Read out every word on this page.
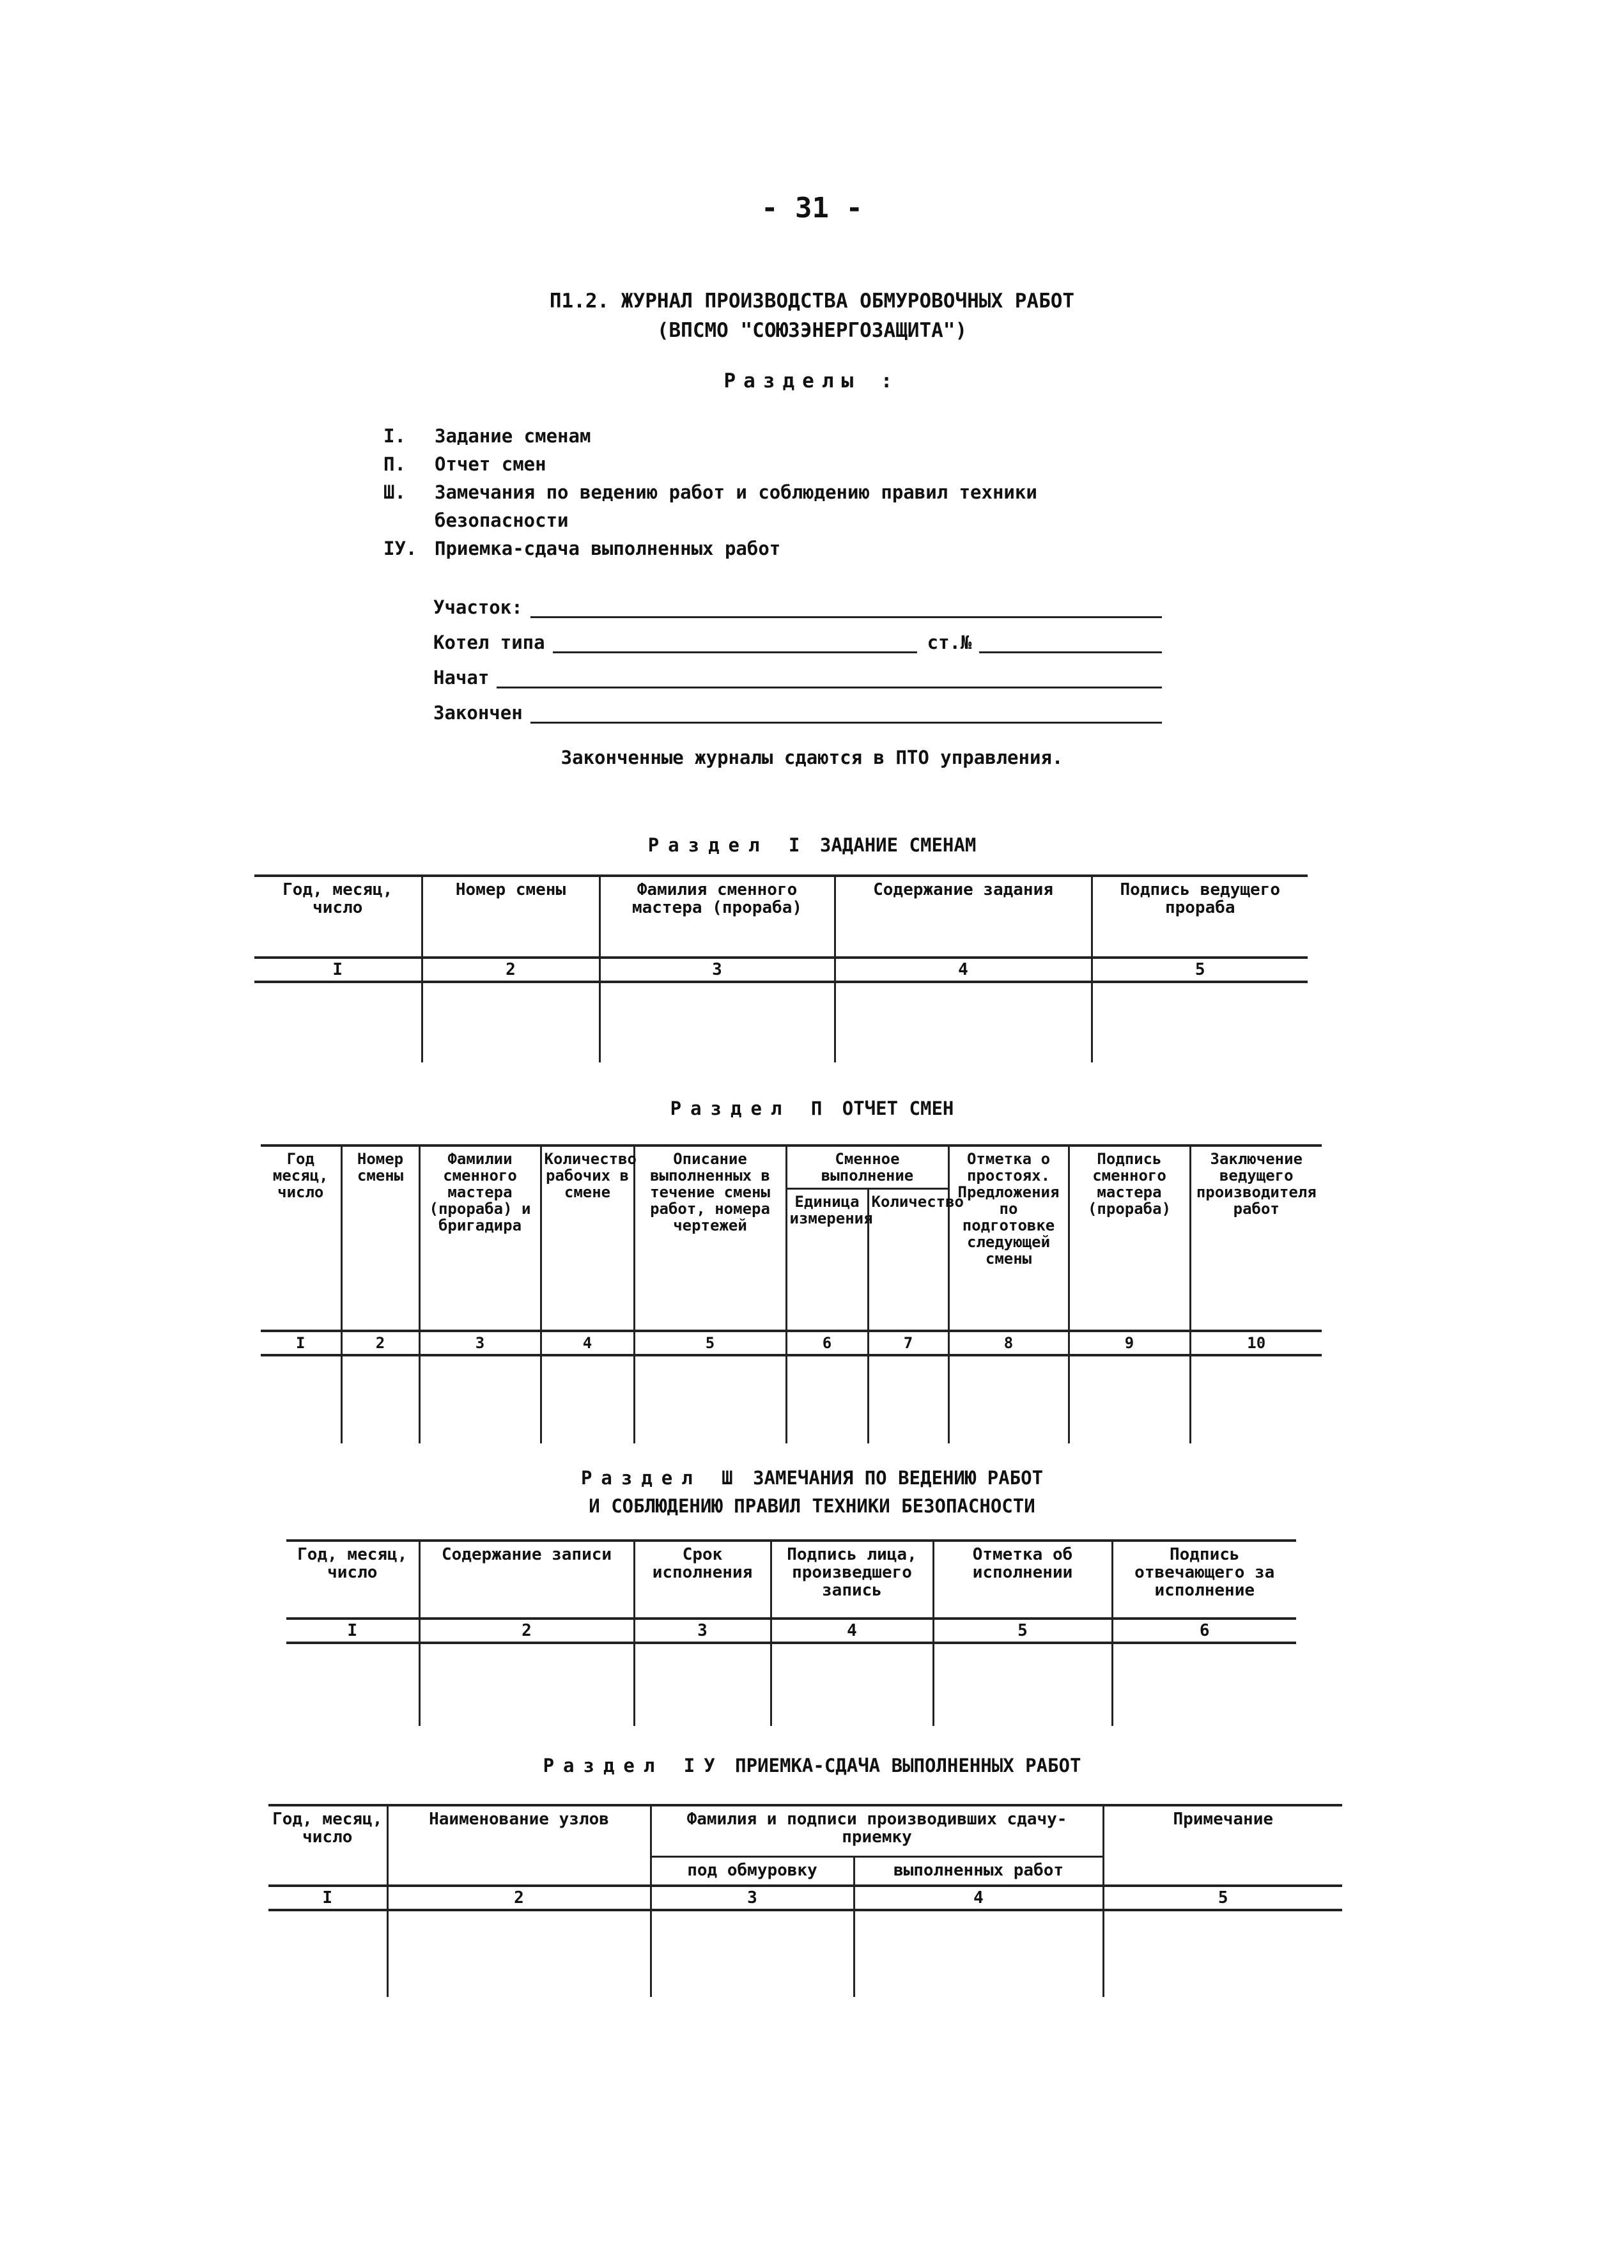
- 31 -
П1.2. ЖУРНАЛ ПРОИЗВОДСТВА ОБМУРОВОЧНЫХ РАБОТ
(ВПСМО "СОЮЗЭНЕРГОЗАЩИТА")
Разделы :
I.	Задание сменам
П.	Отчет смен
Ш.	Замечания по ведению работ и соблюдению правил техники безопасности
IУ. Приемка-сдача выполненных работ
Участок:
Котел типа	ст.№
Начат
Закончен
Законченные журналы сдаются в ПТО управления.
Раздел I ЗАДАНИЕ СМЕНАМ
Год, месяц, число	Номер смены	Фамилия сменного мастера (прораба)	Содержание задания	Подпись ведущего прораба
I	2	3	4	5

Раздел П ОТЧЕТ СМЕН
Год месяц, число	Номер смены	Фамилии сменного мастера (прораба) и бригадира	Количество рабочих в смене	Описание выполненных в течение смены работ, номера чертежей	Сменное выполнение		Отметка о простоях. Предложения по подготовке следующей смены	Подпись сменного мастера (прораба)	Заключение ведущего производителя работ
					Единица измерения	Количество			
I	2	3	4	5	6	7	8	9	10

Раздел Ш ЗАМЕЧАНИЯ ПО ВЕДЕНИЮ РАБОТ
И СОБЛЮДЕНИЮ ПРАВИЛ ТЕХНИКИ БЕЗОПАСНОСТИ
Год, месяц, число	Содержание записи	Срок исполнения	Подпись лица, произведшего запись	Отметка об исполнении	Подпись отвечающего за исполнение
I	2	3	4	5	6

Раздел IУ ПРИЕМКА-СДАЧА ВЫПОЛНЕННЫХ РАБОТ
Год, месяц, число	Наименование узлов	Фамилия и подписи производивших сдачу-приемку		Примечание
		под обмуровку	выполненных работ	
I	2	3	4	5
